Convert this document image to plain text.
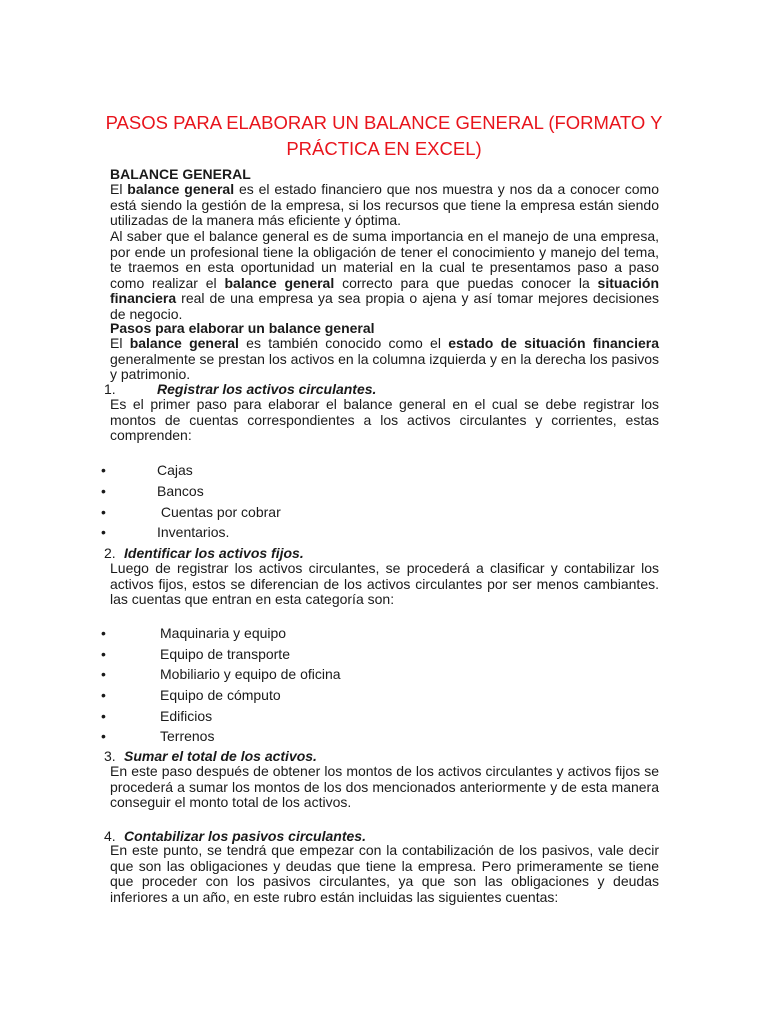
PASOS PARA ELABORAR UN BALANCE GENERAL (FORMATO Y PRÁCTICA EN EXCEL)
BALANCE GENERAL
El balance general es el estado financiero que nos muestra y nos da a conocer como está siendo la gestión de la empresa, si los recursos que tiene la empresa están siendo utilizadas de la manera más eficiente y óptima.
Al saber que el balance general es de suma importancia en el manejo de una empresa, por ende un profesional tiene la obligación de tener el conocimiento y manejo del tema, te traemos en esta oportunidad un material en la cual te presentamos paso a paso como realizar el balance general correcto para que puedas conocer la situación financiera real de una empresa ya sea propia o ajena y así tomar mejores decisiones de negocio.
Pasos para elaborar un balance general
El balance general es también conocido como el estado de situación financiera generalmente se prestan los activos en la columna izquierda y en la derecha los pasivos y patrimonio.
1.	Registrar los activos circulantes.
Es el primer paso para elaborar el balance general en el cual se debe registrar los montos de cuentas correspondientes a los activos circulantes y corrientes, estas comprenden:
•	Cajas
•	Bancos
•	Cuentas por cobrar
•	Inventarios.
2. Identificar los activos fijos.
Luego de registrar los activos circulantes, se procederá a clasificar y contabilizar los activos fijos, estos se diferencian de los activos circulantes por ser menos cambiantes. las cuentas que entran en esta categoría son:
•	Maquinaria y equipo
•	Equipo de transporte
•	Mobiliario y equipo de oficina
•	Equipo de cómputo
•	Edificios
•	Terrenos
3. Sumar el total de los activos.
En este paso después de obtener los montos de los activos circulantes y activos fijos se procederá a sumar los montos de los dos mencionados anteriormente y de esta manera conseguir el monto total de los activos.
4. Contabilizar los pasivos circulantes.
En este punto, se tendrá que empezar con la contabilización de los pasivos, vale decir que son las obligaciones y deudas que tiene la empresa. Pero primeramente se tiene que proceder con los pasivos circulantes, ya que son las obligaciones y deudas inferiores a un año, en este rubro están incluidas las siguientes cuentas:
